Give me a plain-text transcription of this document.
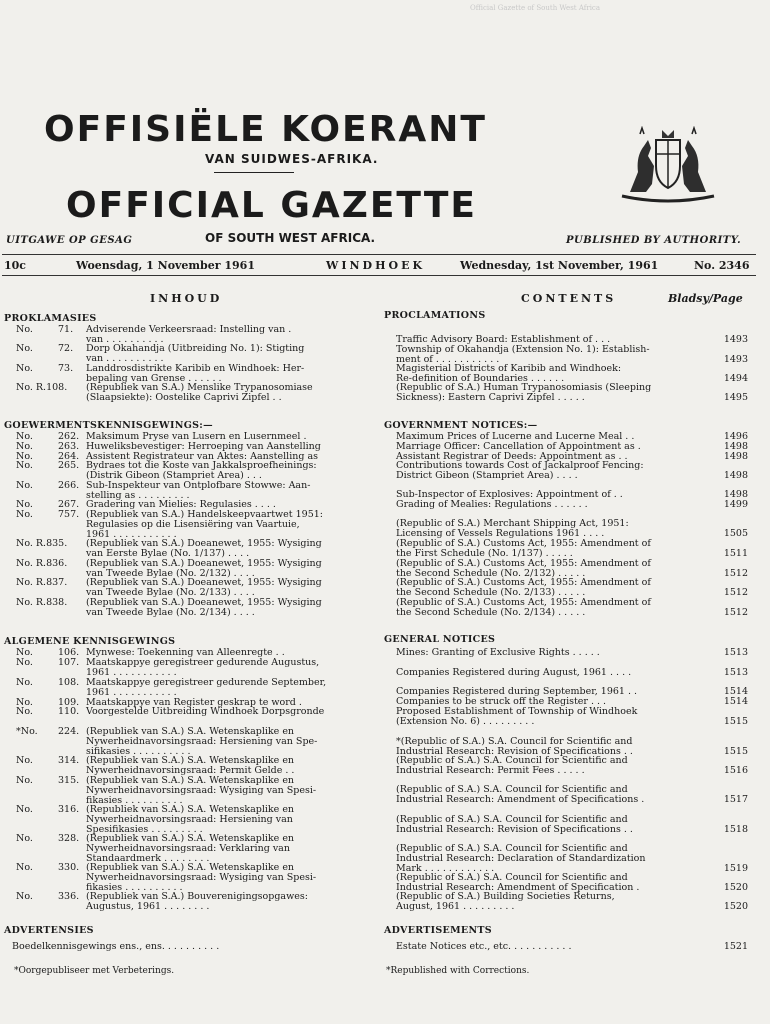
Official Gazette of South West Africa
OFFISIËLE KOERANT
VAN SUIDWES-AFRIKA.
OFFICIAL GAZETTE
UITGAWE OP GESAG	OF SOUTH WEST AFRICA.	PUBLISHED BY AUTHORITY.
10c	Woensdag, 1 November 1961	WINDHOEK	Wednesday, 1st November, 1961	No. 2346
INHOUD	CONTENTS	Bladsy/Page
PROKLAMASIES
GOEWERMENTSKENNISGEWINGS:—
ALGEMENE KENNISGEWINGS
ADVERTENSIES
No.	71. Adviserende Verkeersraad: Instelling van .
van . . . . . . . . . .
No.	72. Dorp Okahandja (Uitbreiding No. 1): Stigting
van . . . . . . . . . .
No.	73. Landdrosdistrikte Karibib en Windhoek: Her-
bepaling van Grense . . . . . .
No. R.108. (Republiek van S.A.) Menslike Trypanosomiase
(Slaapsiekte): Oostelike Caprivi Zipfel . .
No.	262. Maksimum Pryse van Lusern en Lusernmeel .
No.	263. Huweliksbevestiger: Herroeping van Aanstelling
No.	264. Assistent Registrateur van Aktes: Aanstelling as
No.	265. Bydraes tot die Koste van Jakkalsproefheinings:
(Distrik Gibeon (Stampriet Area) . . .
No.	266. Sub-Inspekteur van Ontplofbare Stowwe: Aan-
stelling as . . . . . . . . .
No.	267. Gradering van Mielies: Regulasies . . . .
No.	757. (Republiek van S.A.) Handelskeepvaartwet 1951:
Regulasies op die Lisensiëring van Vaartuie,
1961 . . . . . . . . . . .
No. R.835. (Republiek van S.A.) Doeanewet, 1955: Wysiging
van Eerste Bylae (No. 1/137) . . . .
No. R.836. (Republiek van S.A.) Doeanewet, 1955: Wysiging
van Tweede Bylae (No. 2/132) . . . .
No. R.837. (Republiek van S.A.) Doeanewet, 1955: Wysiging
van Tweede Bylae (No. 2/133) . . . .
No. R.838. (Republiek van S.A.) Doeanewet, 1955: Wysiging
van Tweede Bylae (No. 2/134) . . . .
No.	106. Mynwese: Toekenning van Alleenregte . .
No.	107. Maatskappye geregistreer gedurende Augustus,
1961 . . . . . . . . . . .
No.	108. Maatskappye geregistreer gedurende September,
1961 . . . . . . . . . . .
No.	109. Maatskappye van Register geskrap te word .
No.	110. Voorgestelde Uitbreiding Windhoek Dorpsgronde
*No. 224. (Republiek van S.A.) S.A. Wetenskaplike en
Nywerheidnavorsingsraad: Hersiening van Spe-
sifikasies . . . . . . . . . .
No.	314. (Republiek van S.A.) S.A. Wetenskaplike en
Nywerheidnavorsingsraad: Permit Gelde . .
No.	315. (Republiek van S.A.) S.A. Wetenskaplike en
Nywerheidnavorsingsraad: Wysiging van Spesi-
fikasies . . . . . . . . . .
No.	316. (Republiek van S.A.) S.A. Wetenskaplike en
Nywerheidnavorsingsraad: Hersiening van
Spesifikasies . . . . . . . . .
No.	328. (Republiek van S.A.) S.A. Wetenskaplike en
Nywerheidnavorsingsraad: Verklaring van
Standaardmerk . . . . . . . .
No.	330. (Republiek van S.A.) S.A. Wetenskaplike en
Nywerheidnavorsingsraad: Wysiging van Spesi-
fikasies . . . . . . . . . .
No.	336. (Republiek van S.A.) Bouverenigingsopgawes:
Augustus, 1961 . . . . . . . .
Boedelkennisgewings ens., ens. . . . . . . . . .
*Oorgepubliseer met Verbeterings.
PROCLAMATIONS
GOVERNMENT NOTICES:—
GENERAL NOTICES
ADVERTISEMENTS
Traffic Advisory Board: Establishment of . . .	1493
Township of Okahandja (Extension No. 1): Establish-
ment of . . . . . . . . . . .	1493
Magisterial Districts of Karibib and Windhoek:
Re-definition of Boundaries . . . . . .	1494
(Republic of S.A.) Human Trypanosomiasis (Sleeping
Sickness): Eastern Caprivi Zipfel . . . . .	1495
Maximum Prices of Lucerne and Lucerne Meal . .	1496
Marriage Officer: Cancellation of Appointment as .	1498
Assistant Registrar of Deeds: Appointment as . .	1498
Contributions towards Cost of Jackalproof Fencing:
District Gibeon (Stampriet Area) . . . .	1498
Sub-Inspector of Explosives: Appointment of . .	1498
Grading of Mealies: Regulations . . . . . .	1499
(Republic of S.A.) Merchant Shipping Act, 1951:
Licensing of Vessels Regulations 1961 . . . .	1505
(Republic of S.A.) Customs Act, 1955: Amendment of
the First Schedule (No. 1/137) . . . . .	1511
(Republic of S.A.) Customs Act, 1955: Amendment of
the Second Schedule (No. 2/132) . . . . .	1512
(Republic of S.A.) Customs Act, 1955: Amendment of
the Second Schedule (No. 2/133) . . . . .	1512
(Republic of S.A.) Customs Act, 1955: Amendment of
the Second Schedule (No. 2/134) . . . . .	1512
Mines: Granting of Exclusive Rights . . . . .	1513
Companies Registered during August, 1961 . . . .	1513
Companies Registered during September, 1961 . .	1514
Companies to be struck off the Register . . .	1514
Proposed Establishment of Township of Windhoek
(Extension No. 6) . . . . . . . . .	1515
*(Republic of S.A.) S.A. Council for Scientific and
Industrial Research: Revision of Specifications . .	1515
(Republic of S.A.) S.A. Council for Scientific and
Industrial Research: Permit Fees . . . . .	1516
(Republic of S.A.) S.A. Council for Scientific and
Industrial Research: Amendment of Specifications .	1517
(Republic of S.A.) S.A. Council for Scientific and
Industrial Research: Revision of Specifications . .	1518
(Republic of S.A.) S.A. Council for Scientific and
Industrial Research: Declaration of Standardization
Mark . . . . . . . . . . . .	1519
(Republic of S.A.) S.A. Council for Scientific and
Industrial Research: Amendment of Specification .	1520
(Republic of S.A.) Building Societies Returns,
August, 1961 . . . . . . . . .	1520
Estate Notices etc., etc. . . . . . . . . . .	1521
*Republished with Corrections.
